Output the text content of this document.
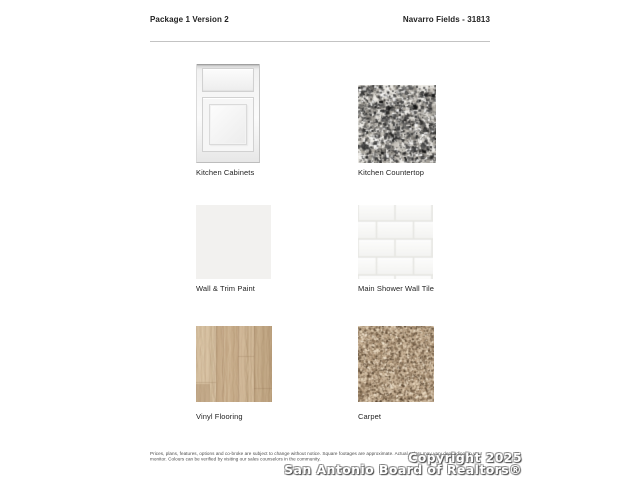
Package 1 Version 2	Navarro Fields - 31813
Kitchen Cabinets	Kitchen Countertop
Wall & Trim Paint	Main Shower Wall Tile
Vinyl Flooring	Carpet
Prices, plans, features, options and co-broke are subject to change without notice. Square footages are approximate. Actual colors may vary depending on your
monitor. Colours can be verified by visiting our sales counselors in the community.	Copyright 2025
San Antonio Board of Realtors®
